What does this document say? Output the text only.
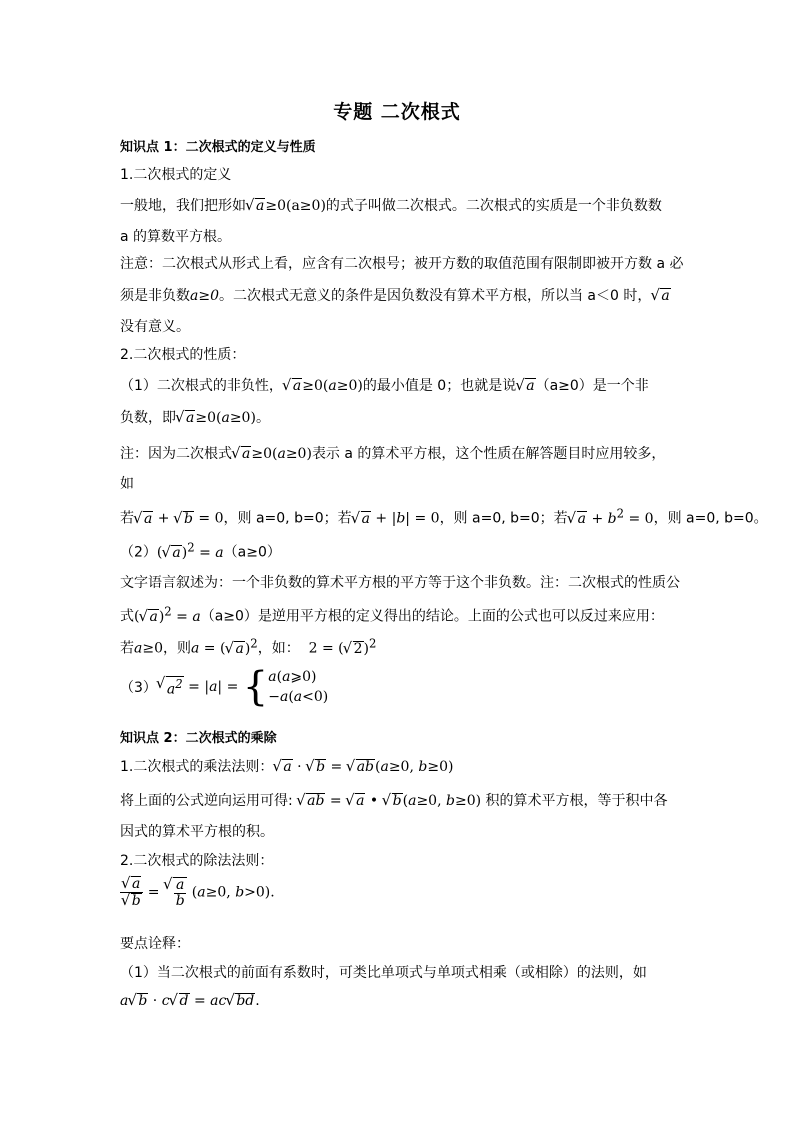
专题 二次根式
知识点 1：二次根式的定义与性质
1.二次根式的定义
一般地，我们把形如 √ a≥0(a≥0)的式子叫做二次根式。二次根式的实质是一个非负数数
a 的算数平方根。
注意：二次根式从形式上看，应含有二次根号；被开方数的取值范围有限制即被开方数 a 必
须是非负数a≥0。二次根式无意义的条件是因负数没有算术平方根，所以当 a＜0 时， √ a
没有意义。
2.二次根式的性质：
（1）二次根式的非负性， √ a≥0(a≥0)的最小值是 0；也就是说 √ a（a≥0）是一个非
负数，即 √ a≥0(a≥0)。
注：因为二次根式 √ a≥0(a≥0)表示 a 的算术平方根，这个性质在解答题目时应用较多，
如
若 √ a + √ b = 0，则 a=0, b=0；若 √ a + |b| = 0，则 a=0, b=0；若 √ $a + b^2 = 0$，则 a=0, b=0。
（2）( √ a)$^2$ = a（a≥0）
文字语言叙述为：一个非负数的算术平方根的平方等于这个非负数。注：二次根式的性质公
式( √ a)$^2$ = a（a≥0）是逆用平方根的定义得出的结论。上面的公式也可以反过来应用：
若a≥0，则a = ( √ a)$^2$，如：  2 = ( √ 2)$^2$
（3） √ $a^2 = |a|$ = { a(a⩾0)
−a(a<0)
知识点 2：二次根式的乘除
1.二次根式的乘法法则： √ a · √ b = √ ab(a≥0, b≥0)
将上面的公式逆向运用可得: √ ab = √ a • √ b(a≥0, b≥0) 积的算术平方根，等于积中各
因式的算术平方根的积。
2.二次根式的除法法则：
√ a
√ b = √ $\frac{a}{b} (a\ge 0$, b>0).
要点诠释：
（1）当二次根式的前面有系数时，可类比单项式与单项式相乘（或相除）的法则，如
a √ b · c √ d = ac √ bd.
